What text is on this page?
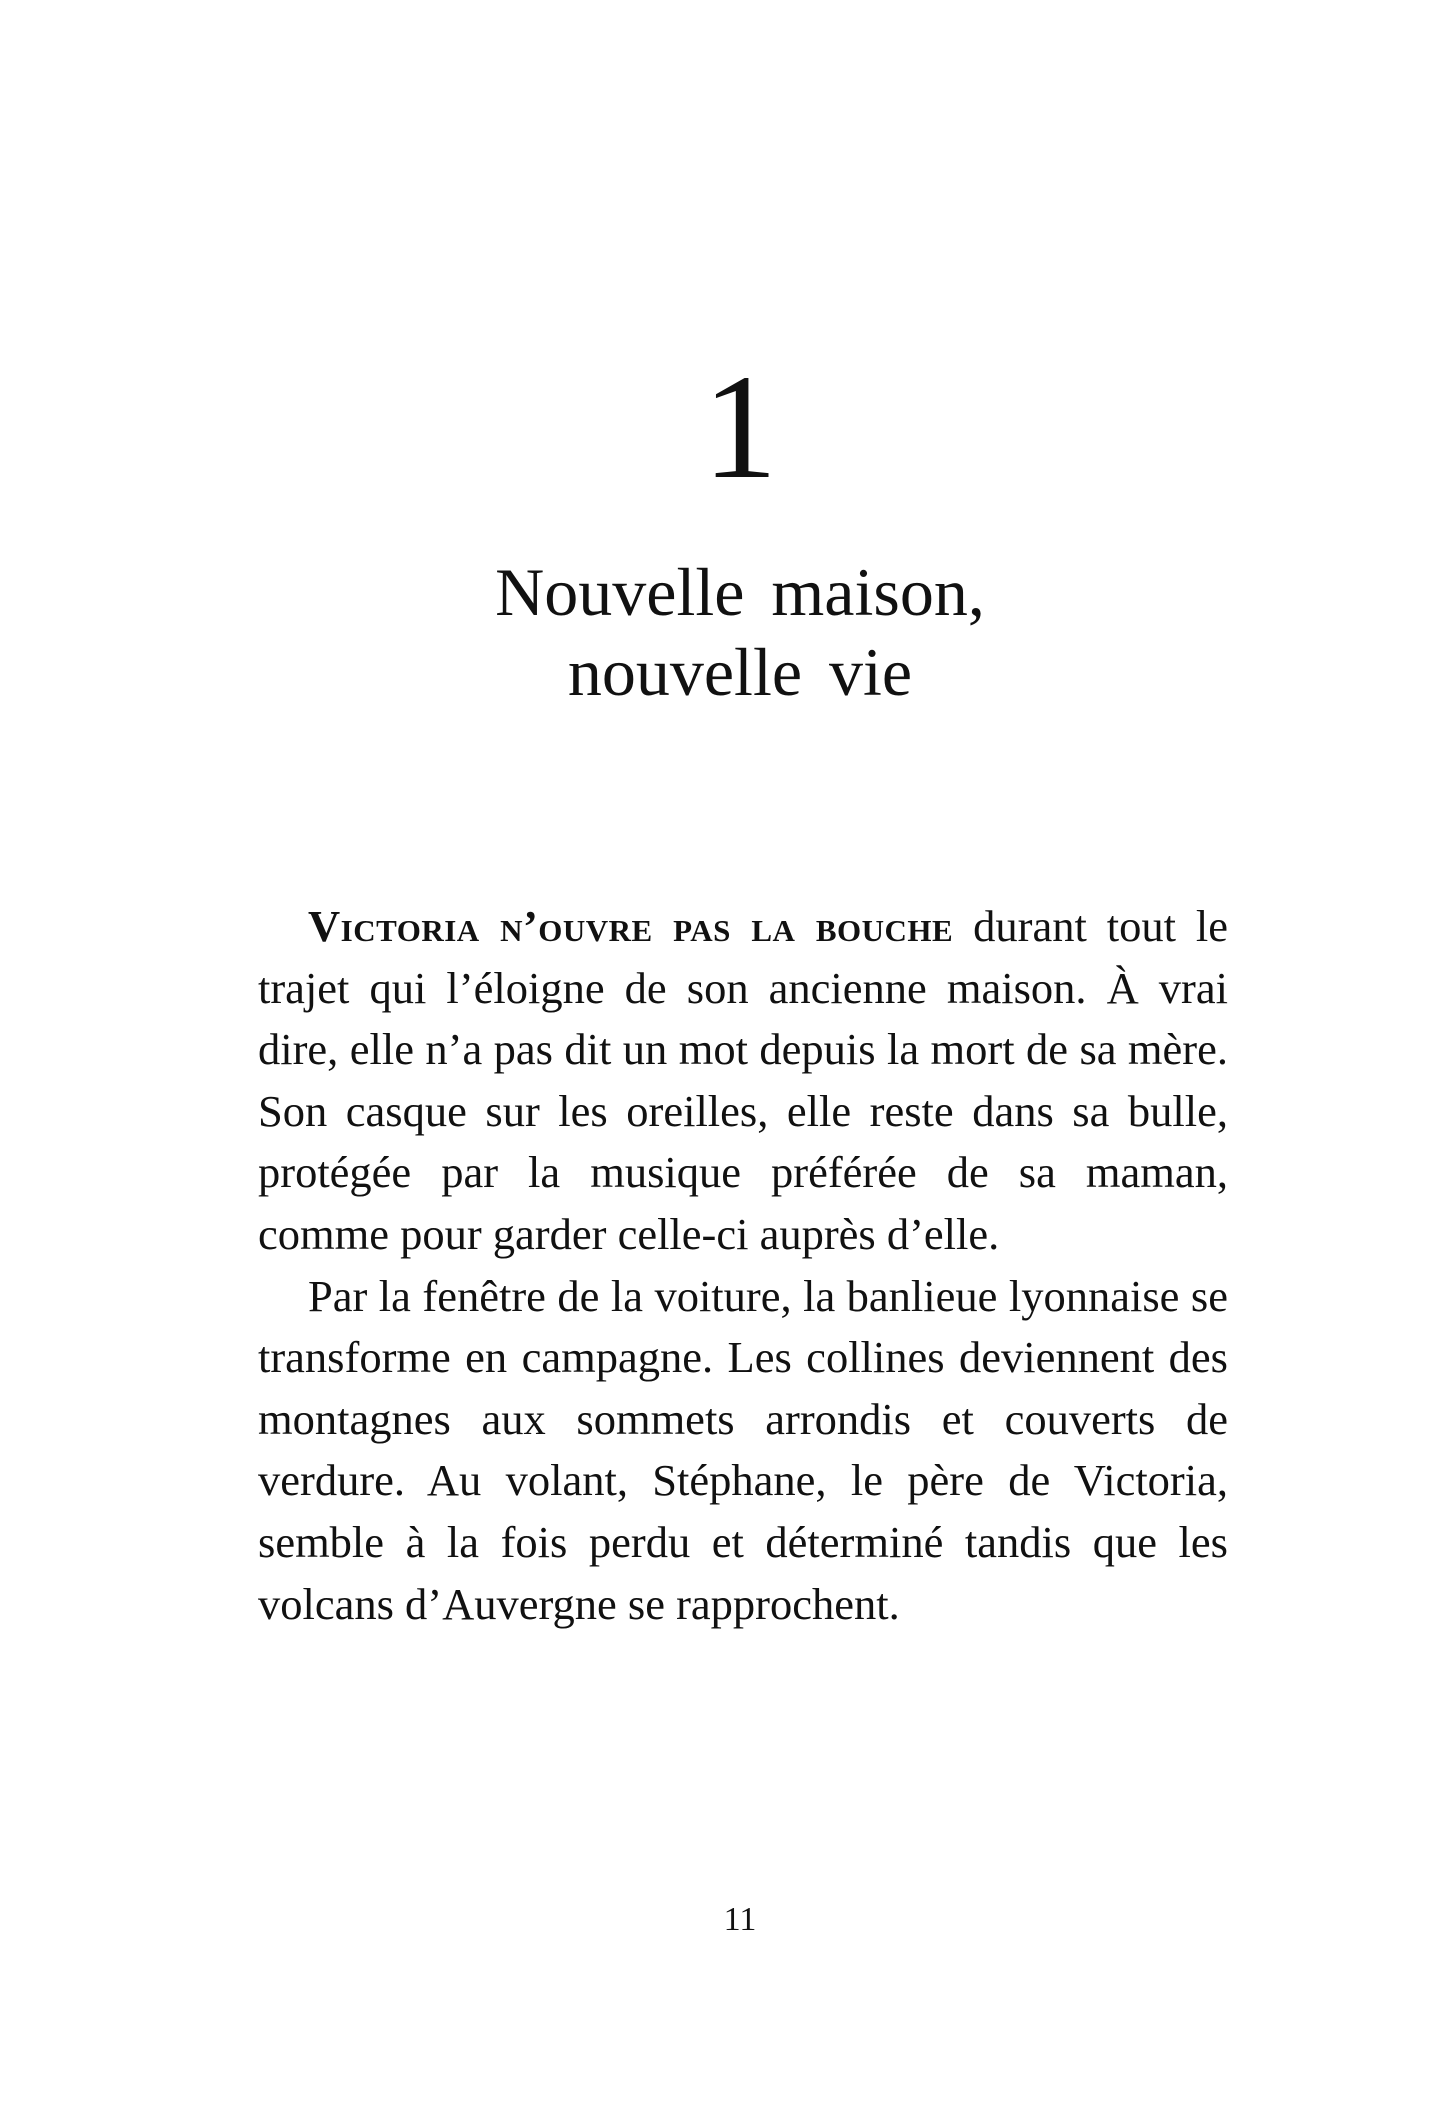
1
Nouvelle maison,
nouvelle vie

Victoria n’ouvre pas la bouche durant tout le trajet qui l’éloigne de son ancienne maison. À vrai dire, elle n’a pas dit un mot depuis la mort de sa mère. Son casque sur les oreilles, elle reste dans sa bulle, protégée par la musique préférée de sa maman, comme pour garder celle-ci auprès d’elle.

Par la fenêtre de la voiture, la banlieue lyonnaise se transforme en campagne. Les collines deviennent des montagnes aux sommets arrondis et couverts de verdure. Au volant, Stéphane, le père de Victoria, semble à la fois perdu et déterminé tandis que les volcans d’Auvergne se rapprochent.

11
